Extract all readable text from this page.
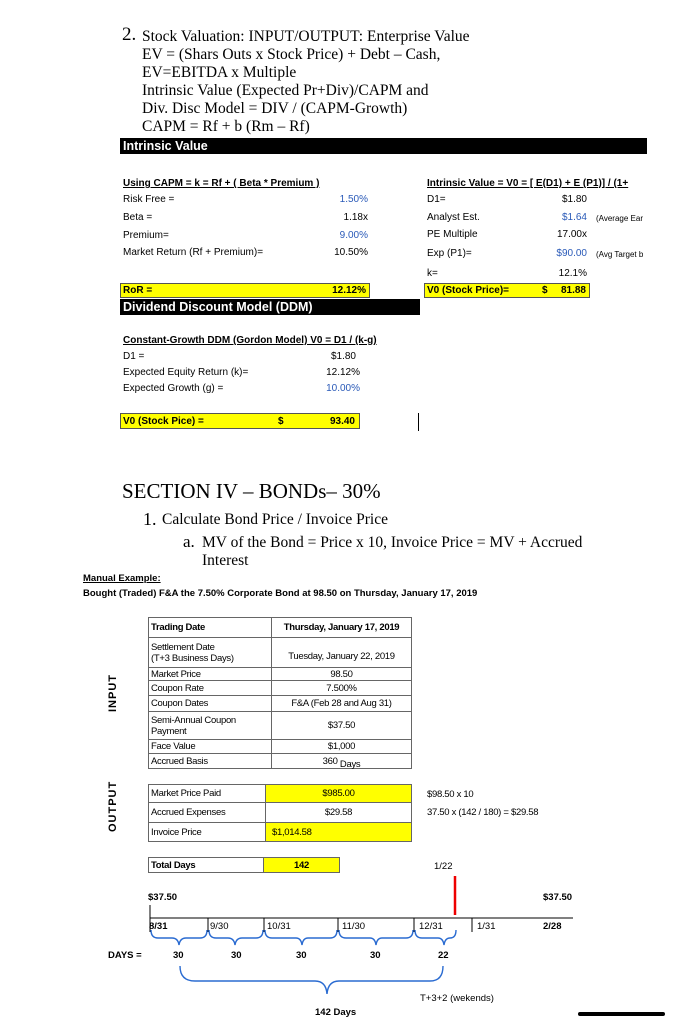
2. Stock Valuation: INPUT/OUTPUT: Enterprise Value
EV = (Shars Outs x Stock Price) + Debt – Cash,
EV=EBITDA x Multiple
Intrinsic Value (Expected Pr+Div)/CAPM and
Div. Disc Model = DIV / (CAPM-Growth)
CAPM = Rf + b (Rm – Rf)
Intrinsic Value
Using CAPM = k = Rf + ( Beta * Premium )
Risk Free =	1.50%
Beta =	1.18x
Premium=	9.00%
Market Return (Rf + Premium)=	10.50%
RoR =	12.12%
Intrinsic Value = V0 = [ E(D1) + E (P1)] / (1+
D1=	$1.80
Analyst Est.	$1.64 (Average Ear
PE Multiple	17.00x
Exp (P1)=	$90.00 (Avg Target b
k=	12.1%
V0 (Stock Price)=	$ 81.88
Dividend Discount Model (DDM)
Constant-Growth DDM (Gordon Model) V0 = D1 / (k-g)
D1 =	$1.80
Expected Equity Return (k)=	12.12%
Expected Growth (g) =	10.00%
V0 (Stock Pice) =	$	93.40
SECTION IV – BONDs– 30%
1. Calculate Bond Price / Invoice Price
a. MV of the Bond = Price x 10, Invoice Price = MV + Accrued
Interest
Manual Example:
Bought (Traded) F&A the 7.50% Corporate Bond at 98.50 on Thursday, January 17, 2019
INPUT
Trading Date	Thursday, January 17, 2019
Settlement Date
(T+3 Business Days)	Tuesday, January 22, 2019
Market Price	98.50
Coupon Rate	7.500%
Coupon Dates	F&A (Feb 28 and Aug 31)
Semi-Annual Coupon
Payment	$37.50
Face Value	$1,000
Accrued Basis	360 Days
OUTPUT	Market Price Paid	$985.00
Accrued Expenses	$29.58
Invoice Price	$1,014.58
$98.50 x 10
37.50 x (142 / 180) = $29.58
Total Days	142	1/22
$37.50	$37.50
8/31	9/30	10/31	11/30	12/31	1/31	2/28
DAYS =	30	30	30	30	22
T+3+2 (wekends)
142 Days
